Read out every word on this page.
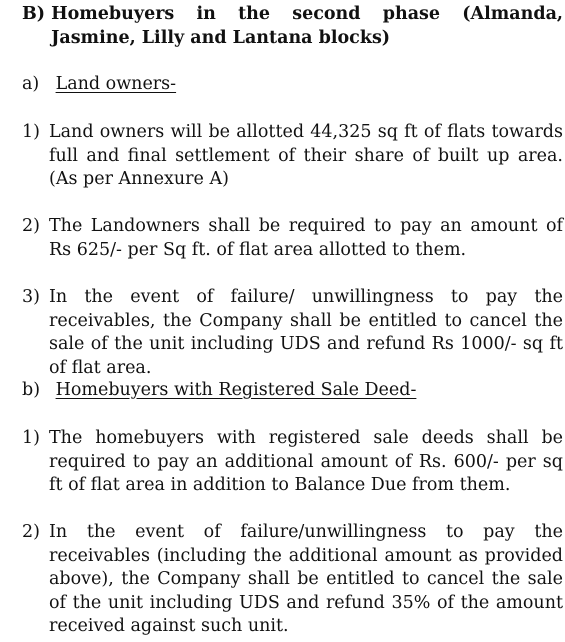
B) Homebuyers in the second phase (Almanda, Jasmine, Lilly and Lantana blocks)
a) Land owners-
1) Land owners will be allotted 44,325 sq ft of flats towards full and final settlement of their share of built up area. (As per Annexure A)
2) The Landowners shall be required to pay an amount of Rs 625/- per Sq ft. of flat area allotted to them.
3) In the event of failure/ unwillingness to pay the receivables, the Company shall be entitled to cancel the sale of the unit including UDS and refund Rs 1000/- sq ft of flat area.
b) Homebuyers with Registered Sale Deed-
1) The homebuyers with registered sale deeds shall be required to pay an additional amount of Rs. 600/- per sq ft of flat area in addition to Balance Due from them.
2) In the event of failure/unwillingness to pay the receivables (including the additional amount as provided above), the Company shall be entitled to cancel the sale of the unit including UDS and refund 35% of the amount received against such unit.
